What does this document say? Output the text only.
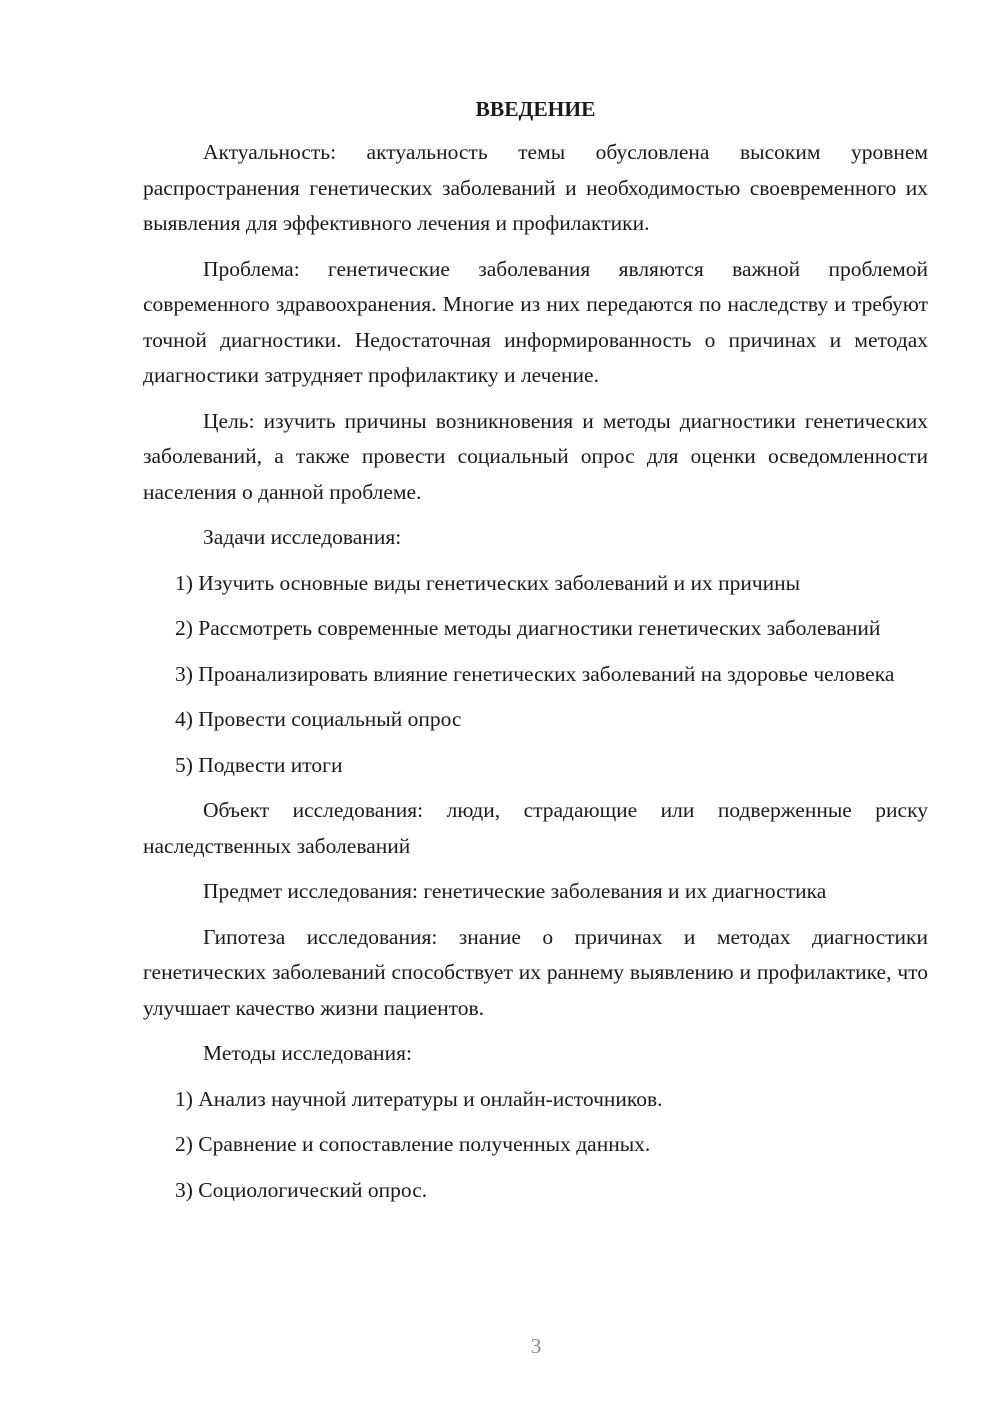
ВВЕДЕНИЕ

Актуальность: актуальность темы обусловлена высоким уровнем распространения генетических заболеваний и необходимостью своевременного их выявления для эффективного лечения и профилактики.

Проблема: генетические заболевания являются важной проблемой современного здравоохранения. Многие из них передаются по наследству и требуют точной диагностики. Недостаточная информированность о причинах и методах диагностики затрудняет профилактику и лечение.

Цель: изучить причины возникновения и методы диагностики генетических заболеваний, а также провести социальный опрос для оценки осведомленности населения о данной проблеме.

Задачи исследования:

1) Изучить основные виды генетических заболеваний и их причины

2) Рассмотреть современные методы диагностики генетических заболеваний

3) Проанализировать влияние генетических заболеваний на здоровье человека

4) Провести социальный опрос

5) Подвести итоги

Объект исследования: люди, страдающие или подверженные риску наследственных заболеваний

Предмет исследования: генетические заболевания и их диагностика

Гипотеза исследования: знание о причинах и методах диагностики генетических заболеваний способствует их раннему выявлению и профилактике, что улучшает качество жизни пациентов.

Методы исследования:

1) Анализ научной литературы и онлайн-источников.

2) Сравнение и сопоставление полученных данных.

3) Социологический опрос.

3
